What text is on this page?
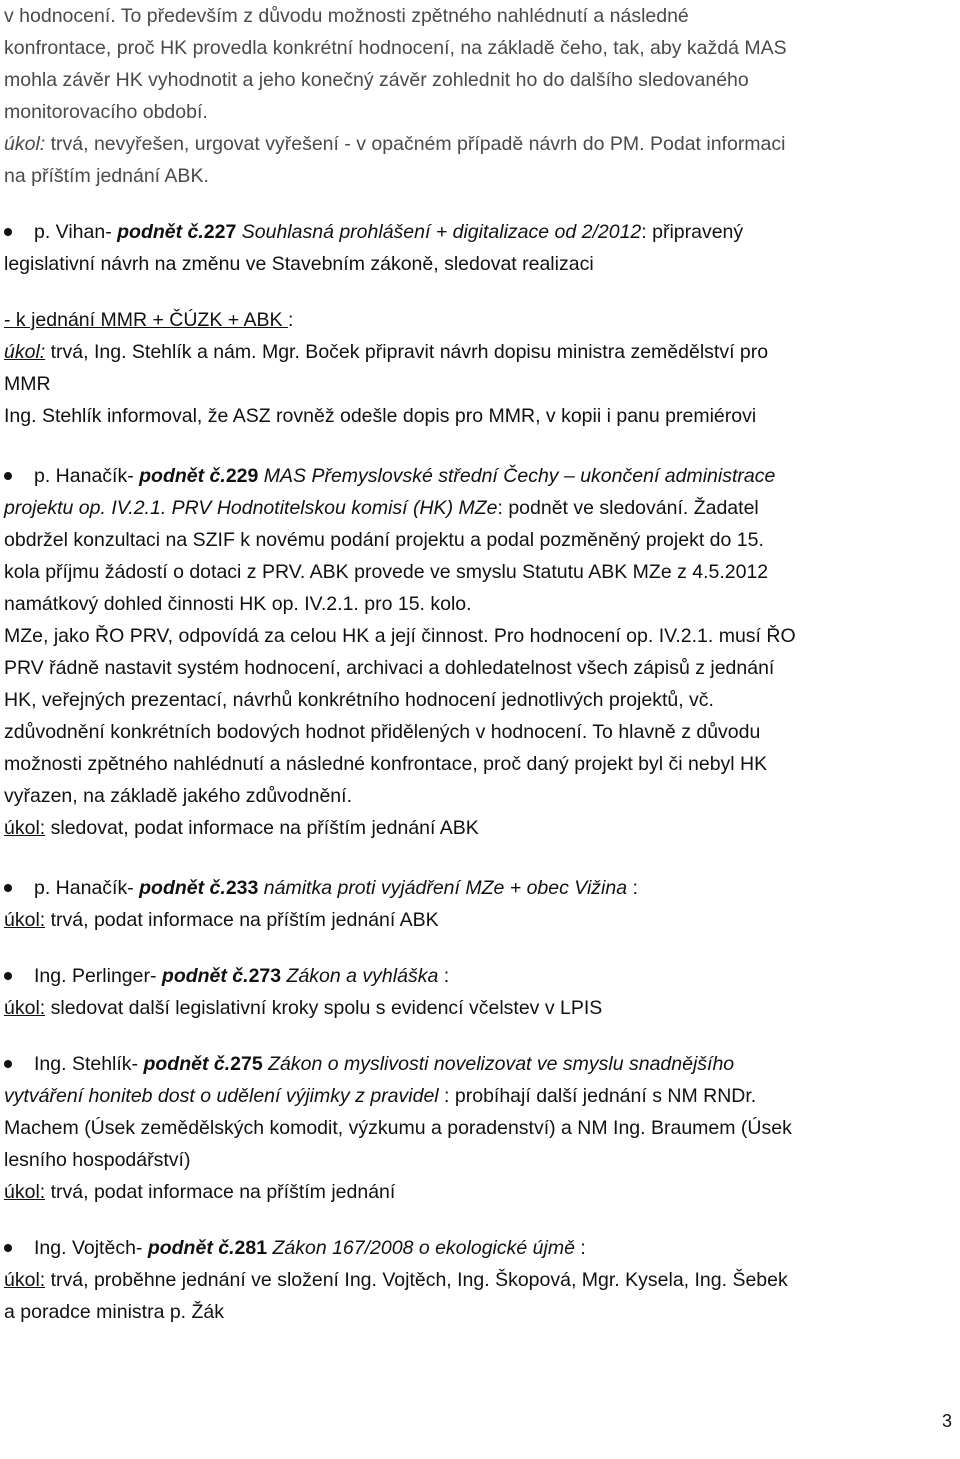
v hodnocení. To především z důvodu možnosti zpětného nahlédnutí a následné
konfrontace, proč HK provedla konkrétní hodnocení, na základě čeho, tak, aby každá MAS
mohla závěr HK vyhodnotit a jeho konečný závěr zohlednit ho do dalšího sledovaného
monitorovacího období.
úkol: trvá, nevyřešen, urgovat vyřešení - v opačném případě návrh do PM. Podat informaci
na příštím jednání ABK.
p. Vihan- podnět č.227 Souhlasná prohlášení + digitalizace od 2/2012: připravený
legislativní návrh na změnu ve Stavebním zákoně, sledovat realizaci
- k jednání MMR + ČÚZK + ABK :
úkol: trvá, Ing. Stehlík a nám. Mgr. Boček připravit návrh dopisu ministra zemědělství pro
MMR
Ing. Stehlík informoval, že ASZ rovněž odešle dopis pro MMR, v kopii i panu premiérovi
p. Hanačík- podnět č.229 MAS Přemyslovské střední Čechy – ukončení administrace
projektu op. IV.2.1. PRV Hodnotitelskou komisí (HK) MZe: podnět ve sledování. Žadatel
obdržel konzultaci na SZIF k novému podání projektu a podal pozměněný projekt do 15.
kola příjmu žádostí o dotaci z PRV. ABK provede ve smyslu Statutu ABK MZe z 4.5.2012
namátkový dohled činnosti HK op. IV.2.1. pro 15. kolo.
MZe, jako ŘO PRV, odpovídá za celou HK a její činnost. Pro hodnocení op. IV.2.1. musí ŘO
PRV řádně nastavit systém hodnocení, archivaci a dohledatelnost všech zápisů z jednání
HK, veřejných prezentací, návrhů konkrétního hodnocení jednotlivých projektů, vč.
zdůvodnění konkrétních bodových hodnot přidělených v hodnocení. To hlavně z důvodu
možnosti zpětného nahlédnutí a následné konfrontace, proč daný projekt byl či nebyl HK
vyřazen, na základě jakého zdůvodnění.
úkol: sledovat, podat informace na příštím jednání ABK
p. Hanačík- podnět č.233 námitka proti vyjádření MZe + obec Vižina :
úkol: trvá, podat informace na příštím jednání ABK
Ing. Perlinger- podnět č.273 Zákon a vyhláška :
úkol: sledovat další legislativní kroky spolu s evidencí včelstev v LPIS
Ing. Stehlík- podnět č.275 Zákon o myslivosti novelizovat ve smyslu snadnějšího
vytváření honiteb dost o udělení výjimky z pravidel : probíhají další jednání s NM RNDr.
Machem (Úsek zemědělských komodit, výzkumu a poradenství) a NM Ing. Braumem (Úsek
lesního hospodářství)
úkol: trvá, podat informace na příštím jednání
Ing. Vojtěch- podnět č.281 Zákon 167/2008 o ekologické újmě :
úkol: trvá, proběhne jednání ve složení Ing. Vojtěch, Ing. Škopová, Mgr. Kysela, Ing. Šebek
a poradce ministra p. Žák
3
